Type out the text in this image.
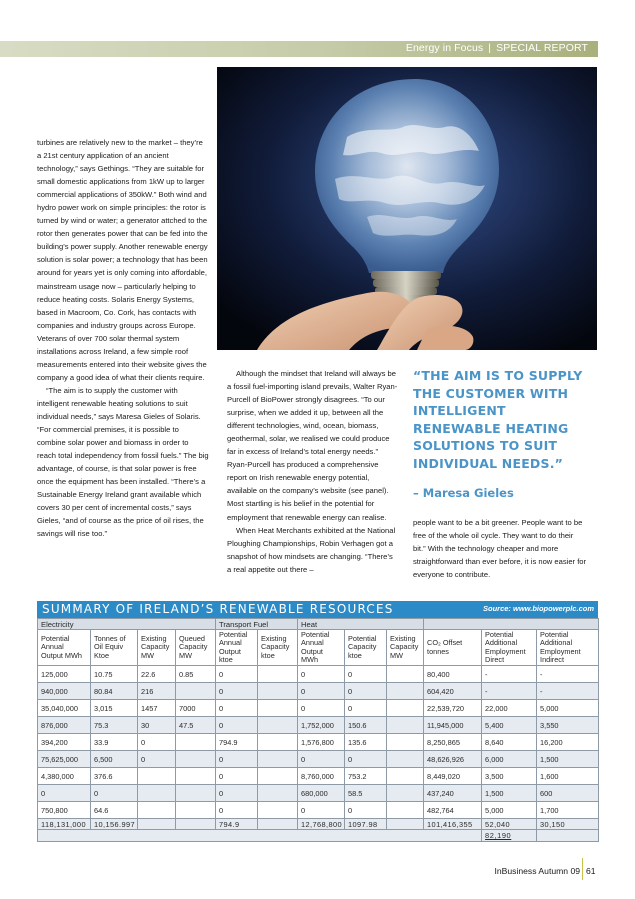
Energy in Focus | SPECIAL REPORT

turbines are relatively new to the market – they’re a 21st century application of an ancient technology,” says Gethings. “They are suitable for small domestic applications from 1kW up to larger commercial applications of 350kW.” Both wind and hydro power work on simple principles: the rotor is turned by wind or water; a generator attched to the rotor then generates power that can be fed into the building’s power supply. Another renewable energy solution is solar power; a technology that has been around for years yet is only coming into affordable, mainstream usage now – particularly helping to reduce heating costs. Solaris Energy Systems, based in Macroom, Co. Cork, has contacts with companies and industry groups across Europe. Veterans of over 700 solar thermal system installations across Ireland, a few simple roof measurements entered into their website gives the company a good idea of what their clients require.

“The aim is to supply the customer with intelligent renewable heating solutions to suit individual needs,” says Maresa Gieles of Solaris. “For commercial premises, it is possible to combine solar power and biomass in order to reach total independency from fossil fuels.” The big advantage, of course, is that solar power is free once the equipment has been installed. “There’s a Sustainable Energy Ireland grant available which covers 30 per cent of incremental costs,” says Gieles, “and of course as the price of oil rises, the savings will rise too.”

Although the mindset that Ireland will always be a fossil fuel-importing island prevails, Walter Ryan-Purcell of BioPower strongly disagrees. “To our surprise, when we added it up, between all the different technologies, wind, ocean, biomass, geothermal, solar, we realised we could produce far in excess of Ireland’s total energy needs.” Ryan-Purcell has produced a comprehensive report on Irish renewable energy potential, available on the company’s website (see panel). Most startling is his belief in the potential for employment that renewable energy can realise.

When Heat Merchants exhibited at the National Ploughing Championships, Robin Verhagen got a snapshot of how mindsets are changing. “There’s a real appetite out there –

“THE AIM IS TO SUPPLY THE CUSTOMER WITH INTELLIGENT RENEWABLE HEATING SOLUTIONS TO SUIT INDIVIDUAL NEEDS.”
– Maresa Gieles

people want to be a bit greener. People want to be free of the whole oil cycle. They want to do their bit.” With the technology cheaper and more straightforward than ever before, it is now easier for everyone to contribute.

SUMMARY OF IRELAND’S RENEWABLE RESOURCES	Source: www.biopowerplc.com
Electricity				Transport Fuel		Heat					
Potential Annual Output MWh	Tonnes of Oil Equiv Ktoe	Existing Capacity MW	Queued Capacity MW	Potential Annual Output ktoe	Existing Capacity ktoe	Potential Annual Output MWh	Potential Capacity ktoe	Existing Capacity MW	CO₂ Offset tonnes	Potential Additional Employment Direct	Potential Additional Employment Indirect
125,000	10.75	22.6	0.85	0		0	0		80,400	-	-
940,000	80.84	216		0		0	0		604,420	-	-
35,040,000	3,015	1457	7000	0		0	0		22,539,720	22,000	5,000
876,000	75.3	30	47.5	0		1,752,000	150.6		11,945,000	5,400	3,550
394,200	33.9	0		794.9		1,576,800	135.6		8,250,865	8,640	16,200
75,625,000	6,500	0		0		0	0		48,626,926	6,000	1,500
4,380,000	376.6			0		8,760,000	753.2		8,449,020	3,500	1,600
0	0			0		680,000	58.5		437,240	1,500	600
750,800	64.6			0		0	0		482,764	5,000	1,700
118,131,000	10,156.997			794.9		12,768,800	1097.98		101,416,355	52,040	30,150
										82,190	
InBusiness Autumn 09 61
